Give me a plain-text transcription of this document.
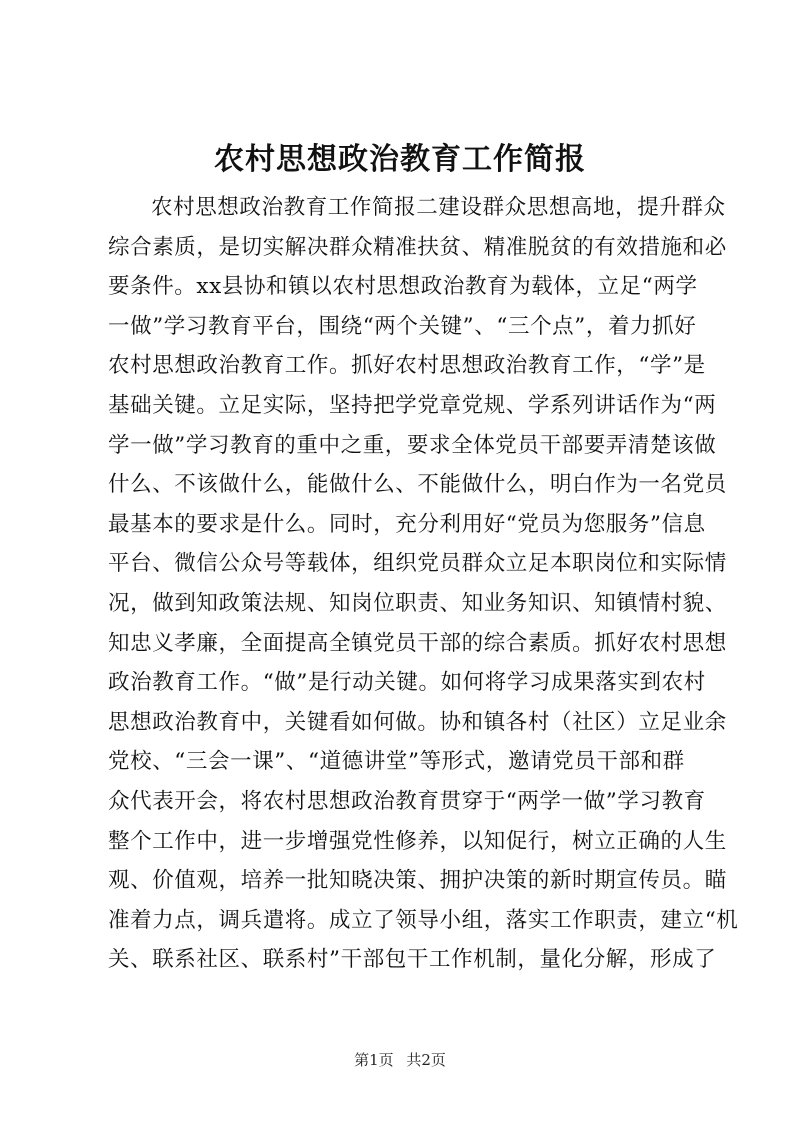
农村思想政治教育工作简报
农村思想政治教育工作简报二建设群众思想高地，提升群众
综合素质，是切实解决群众精准扶贫、精准脱贫的有效措施和必
要条件。xx县协和镇以农村思想政治教育为载体，立足“两学
一做”学习教育平台，围绕“两个关键”、“三个点”，着力抓好
农村思想政治教育工作。抓好农村思想政治教育工作，“学”是
基础关键。立足实际，坚持把学党章党规、学系列讲话作为“两
学一做”学习教育的重中之重，要求全体党员干部要弄清楚该做
什么、不该做什么，能做什么、不能做什么，明白作为一名党员
最基本的要求是什么。同时，充分利用好“党员为您服务”信息
平台、微信公众号等载体，组织党员群众立足本职岗位和实际情
况，做到知政策法规、知岗位职责、知业务知识、知镇情村貌、
知忠义孝廉，全面提高全镇党员干部的综合素质。抓好农村思想
政治教育工作。“做”是行动关键。如何将学习成果落实到农村
思想政治教育中，关键看如何做。协和镇各村（社区）立足业余
党校、“三会一课”、“道德讲堂”等形式，邀请党员干部和群
众代表开会，将农村思想政治教育贯穿于“两学一做”学习教育
整个工作中，进一步增强党性修养，以知促行，树立正确的人生
观、价值观，培养一批知晓决策、拥护决策的新时期宣传员。瞄
准着力点，调兵遣将。成立了领导小组，落实工作职责，建立“机
关、联系社区、联系村”干部包干工作机制，量化分解，形成了
第1页 共2页
